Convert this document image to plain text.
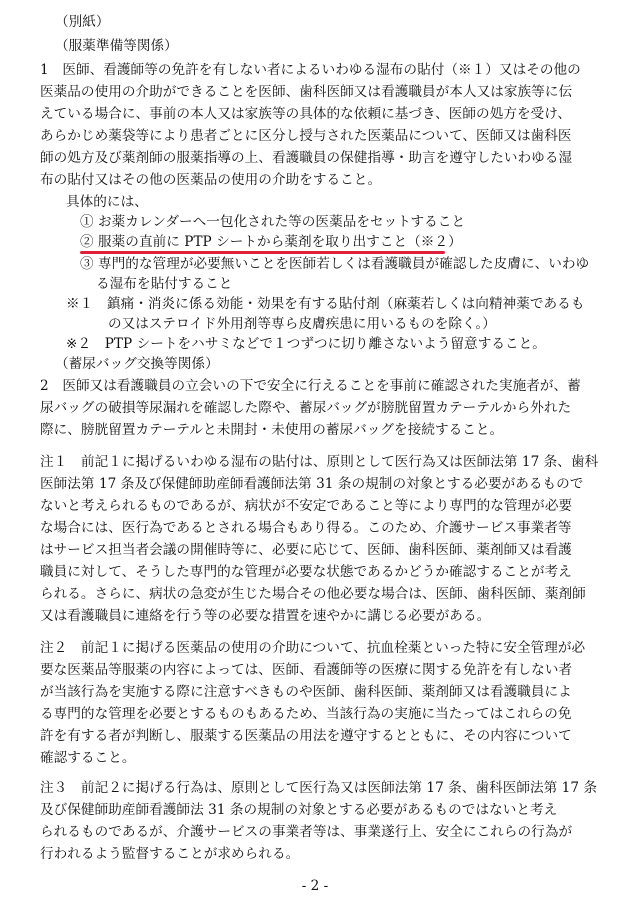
（別紙）
（服薬準備等関係）
1　医師、看護師等の免許を有しない者によるいわゆる湿布の貼付（※１）又はその他の
医薬品の使用の介助ができることを医師、歯科医師又は看護職員が本人又は家族等に伝
えている場合に、事前の本人又は家族等の具体的な依頼に基づき、医師の処方を受け、
あらかじめ薬袋等により患者ごとに区分し授与された医薬品について、医師又は歯科医
師の処方及び薬剤師の服薬指導の上、看護職員の保健指導・助言を遵守したいわゆる湿
布の貼付又はその他の医薬品の使用の介助をすること。
具体的には、
① お薬カレンダーへ一包化された等の医薬品をセットすること
② 服薬の直前に PTP シートから薬剤を取り出すこと（※２）
③ 専門的な管理が必要無いことを医師若しくは看護職員が確認した皮膚に、いわゆ
る湿布を貼付すること
※１　鎮痛・消炎に係る効能・効果を有する貼付剤（麻薬若しくは向精神薬であるも
の又はステロイド外用剤等専ら皮膚疾患に用いるものを除く。）
※２　PTP シートをハサミなどで１つずつに切り離さないよう留意すること。
（蓄尿バッグ交換等関係）
2　医師又は看護職員の立会いの下で安全に行えることを事前に確認された実施者が、蓄
尿バッグの破損等尿漏れを確認した際や、蓄尿バッグが膀胱留置カテーテルから外れた
際に、膀胱留置カテーテルと未開封・未使用の蓄尿バッグを接続すること。
注１　前記１に掲げるいわゆる湿布の貼付は、原則として医行為又は医師法第 17 条、歯科
医師法第 17 条及び保健師助産師看護師法第 31 条の規制の対象とする必要があるもので
ないと考えられるものであるが、病状が不安定であること等により専門的な管理が必要
な場合には、医行為であるとされる場合もあり得る。このため、介護サービス事業者等
はサービス担当者会議の開催時等に、必要に応じて、医師、歯科医師、薬剤師又は看護
職員に対して、そうした専門的な管理が必要な状態であるかどうか確認することが考え
られる。さらに、病状の急変が生じた場合その他必要な場合は、医師、歯科医師、薬剤師
又は看護職員に連絡を行う等の必要な措置を速やかに講じる必要がある。
注２　前記１に掲げる医薬品の使用の介助について、抗血栓薬といった特に安全管理が必
要な医薬品等服薬の内容によっては、医師、看護師等の医療に関する免許を有しない者
が当該行為を実施する際に注意すべきものや医師、歯科医師、薬剤師又は看護職員によ
る専門的な管理を必要とするものもあるため、当該行為の実施に当たってはこれらの免
許を有する者が判断し、服薬する医薬品の用法を遵守するとともに、その内容について
確認すること。
注３　前記２に掲げる行為は、原則として医行為又は医師法第 17 条、歯科医師法第 17 条
及び保健師助産師看護師法 31 条の規制の対象とする必要があるものではないと考え
られるものであるが、介護サービスの事業者等は、事業遂行上、安全にこれらの行為が
行われるよう監督することが求められる。
- 2 -
